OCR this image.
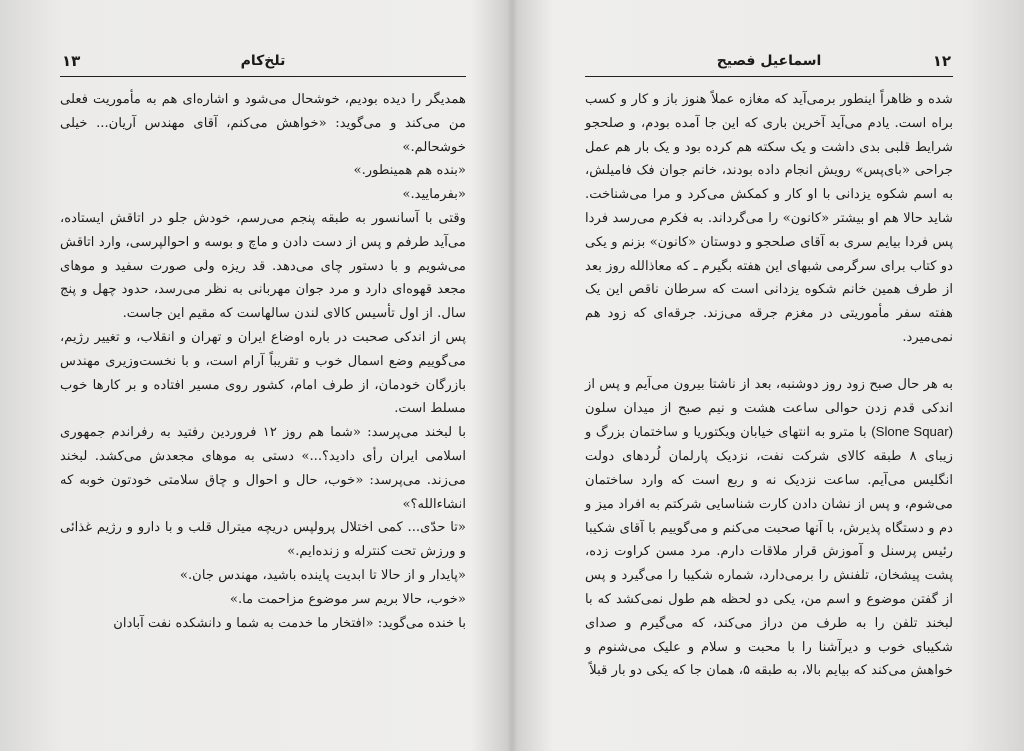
۱۳	تلخ‌کام

همدیگر را دیده بودیم، خوشحال می‌شود و اشاره‌ای هم به مأموریت فعلی من می‌کند و می‌گوید: «خواهش می‌کنم، آقای مهندس آریان... خیلی خوشحالم.»

«بنده هم همینطور.»

«بفرمایید.»

وقتی با آسانسور به طبقه پنجم می‌رسم، خودش جلو در اتاقش ایستاده، می‌آید طرفم و پس از دست دادن و ماچ و بوسه و احوالپرسی، وارد اتاقش می‌شویم و با دستور چای می‌دهد. قد ریزه ولی صورت سفید و موهای مجعد قهوه‌ای دارد و مرد جوان مهربانی به نظر می‌رسد، حدود چهل و پنج سال. از اول تأسیس کالای لندن سالهاست که مقیم این جاست.

پس از اندکی صحبت در باره اوضاع ایران و تهران و انقلاب، و تغییر رژیم، می‌گوییم وضع اسمال خوب و تقریباً آرام است، و با نخست‌وزیری مهندس بازرگان خودمان، از طرف امام، کشور روی مسیر افتاده و بر کارها خوب مسلط است.

با لبخند می‌پرسد: «شما هم روز ۱۲ فروردین رفتید به رفراندم جمهوری اسلامی ایران رأی دادید؟...» دستی به موهای مجعدش می‌کشد. لبخند می‌زند. می‌پرسد: «خوب، حال و احوال و چاق سلامتی خودتون خوبه که انشاءالله؟»

«تا حدّی... کمی اختلال پرولپس دریچه میترال قلب و با دارو و رژیم غذائی و ورزش تحت کنترله و زنده‌ایم.»

«پایدار و از حالا تا ابدیت پاینده باشید، مهندس جان.»

«خوب، حالا بریم سر موضوع مزاحمت ما.»

با خنده می‌گوید: «افتخار ما خدمت به شما و دانشکده نفت آبادان

۱۲
اسماعیل فصیح

شده و ظاهراً اینطور برمی‌آید که مغازه عملاً هنوز باز و کار و کسب براه است. یادم می‌آید آخرین باری که این جا آمده بودم، و صلحجو شرایط قلبی بدی داشت و یک سکته هم کرده بود و یک بار هم عمل جراحی «بای‌پس» رویش انجام داده بودند، خانم جوان فک فامیلش، به اسم شکوه یزدانی با او کار و کمکش می‌کرد و مرا می‌شناخت. شاید حالا هم او بیشتر «کانون» را می‌گرداند. به فکرم می‌رسد فردا پس فردا بیایم سری به آقای صلحجو و دوستان «کانون» بزنم و یکی دو کتاب برای سرگرمی شبهای این هفته بگیرم ـ که معاذالله روز بعد از طرف همین خانم شکوه یزدانی است که سرطان ناقص این یک هفته سفر مأموریتی در مغزم جرقه می‌زند. جرقه‌ای که زود هم نمی‌میرد.

به هر حال صبح زود روز دوشنبه، بعد از ناشتا بیرون می‌آیم و پس از اندکی قدم زدن حوالی ساعت هشت و نیم صبح از میدان سلون (Slone Squar) با مترو به انتهای خیابان ویکتوریا و ساختمان بزرگ و زیبای ۸ طبقه کالای شرکت نفت، نزدیک پارلمان لُردهای دولت انگلیس می‌آیم. ساعت نزدیک نه و ربع است که وارد ساختمان می‌شوم، و پس از نشان دادن کارت شناسایی شرکتم به افراد میز و دم و دستگاه پذیرش، با آنها صحبت می‌کنم و می‌گوییم با آقای شکیبا رئیس پرسنل و آموزش قرار ملاقات دارم. مرد مسن کراوت زده، پشت پیشخان، تلفنش را برمی‌دارد، شماره شکیبا را می‌گیرد و پس از گفتن موضوع و اسم من، یکی دو لحظه هم طول نمی‌کشد که با لبخند تلفن را به طرف من دراز می‌کند، که می‌گیرم و صدای شکیبای خوب و دیرآشنا را با محبت و سلام و علیک می‌شنوم و خواهش می‌کند که بیایم بالا، به طبقه ۵، همان جا که یکی دو بار قبلاً
